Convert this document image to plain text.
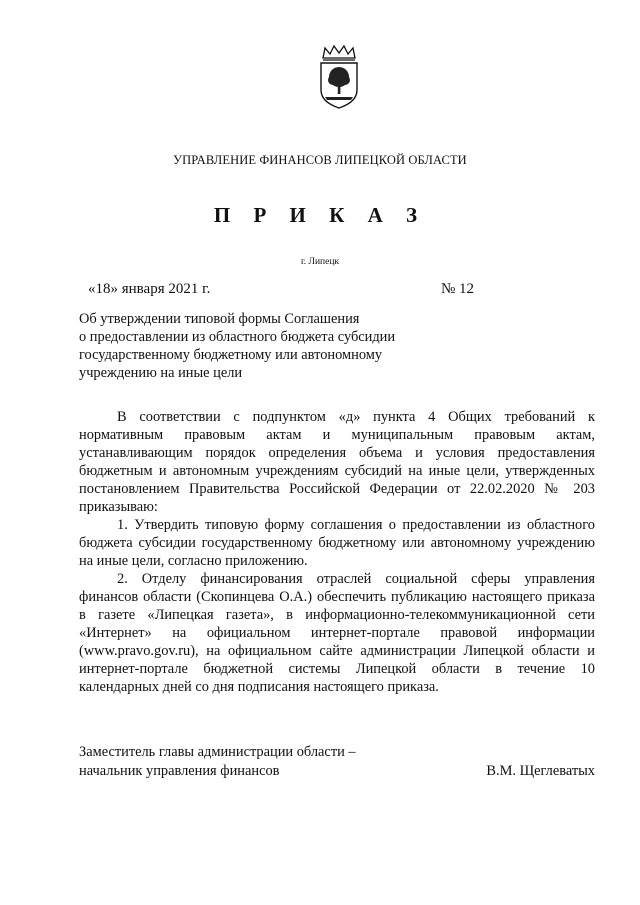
УПРАВЛЕНИЕ ФИНАНСОВ ЛИПЕЦКОЙ ОБЛАСТИ
П Р И К А З
г. Липецк
«18» января 2021 г.	№ 12
Об утверждении типовой формы Соглашения
о предоставлении из областного бюджета субсидии
государственному бюджетному или автономному
учреждению на иные цели

В соответствии с подпунктом «д» пункта 4 Общих требований к нормативным правовым актам и муниципальным правовым актам, устанавливающим порядок определения объема и условия предоставления бюджетным и автономным учреждениям субсидий на иные цели, утвержденных постановлением Правительства Российской Федерации от 22.02.2020 № 203 приказываю:

1. Утвердить типовую форму соглашения о предоставлении из областного бюджета субсидии государственному бюджетному или автономному учреждению на иные цели, согласно приложению.

2. Отделу финансирования отраслей социальной сферы управления финансов области (Скопинцева О.А.) обеспечить публикацию настоящего приказа в газете «Липецкая газета», в информационно-телекоммуникационной сети «Интернет» на официальном интернет-портале правовой информации (www.pravo.gov.ru), на официальном сайте администрации Липецкой области и интернет-портале бюджетной системы Липецкой области в течение 10 календарных дней со дня подписания настоящего приказа.

Заместитель главы администрации области –
начальник управления финансов	В.М. Щеглеватых
